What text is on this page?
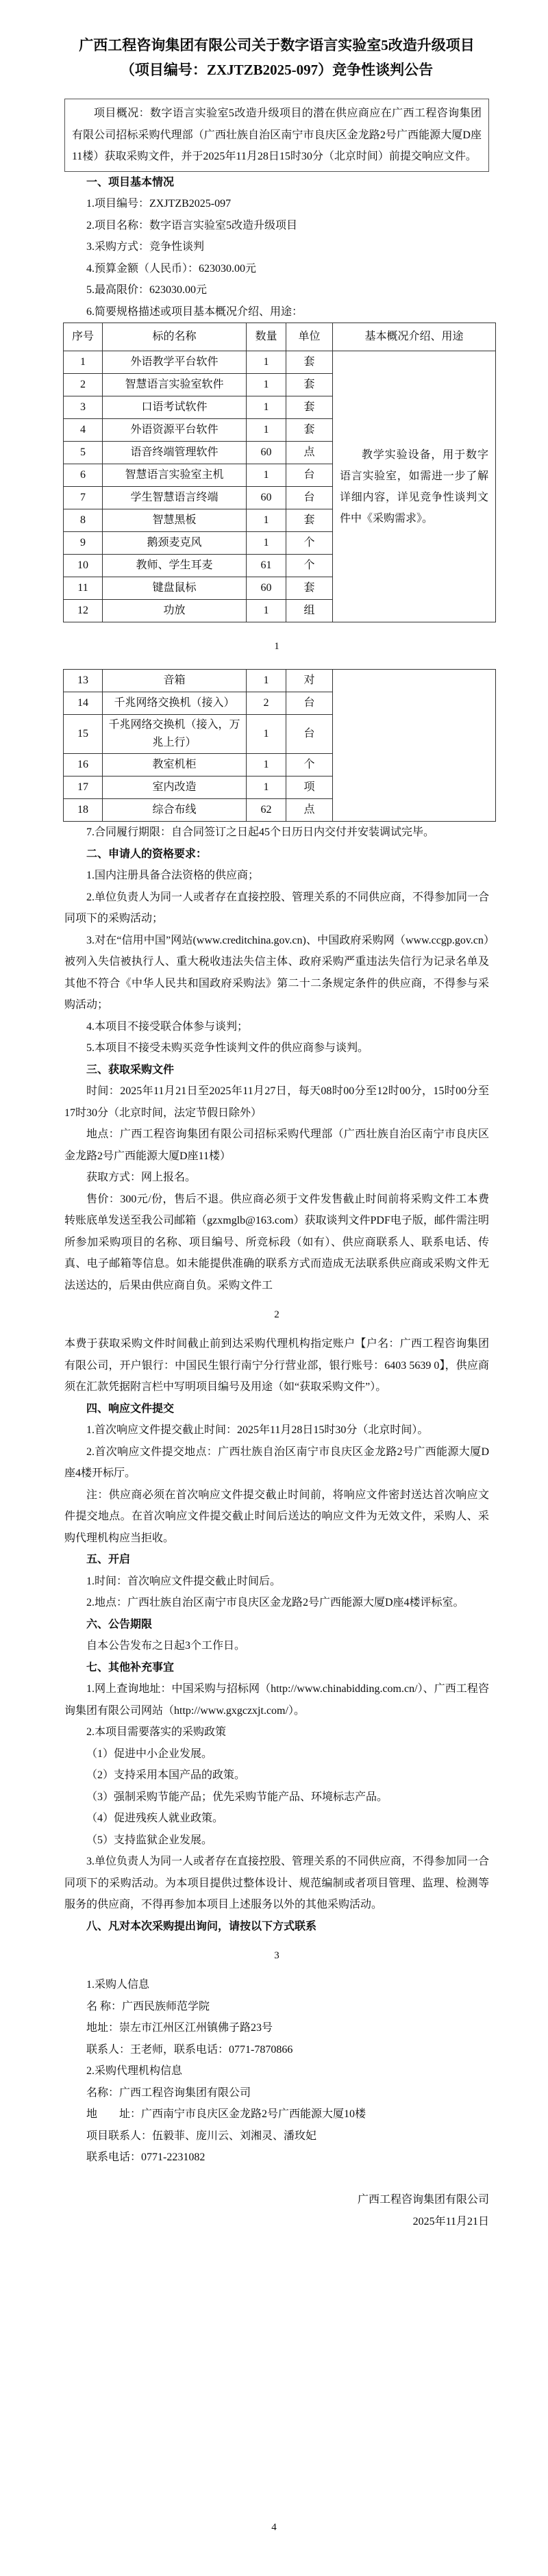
广西工程咨询集团有限公司关于数字语言实验室5改造升级项目
（项目编号：ZXJTZB2025-097）竞争性谈判公告

项目概况：数字语言实验室5改造升级项目的潜在供应商应在广西工程咨询集团有限公司招标采购代理部（广西壮族自治区南宁市良庆区金龙路2号广西能源大厦D座11楼）获取采购文件，并于2025年11月28日15时30分（北京时间）前提交响应文件。

一、项目基本情况

1.项目编号：ZXJTZB2025-097

2.项目名称：数字语言实验室5改造升级项目

3.采购方式：竞争性谈判

4.预算金额（人民币）：623030.00元

5.最高限价：623030.00元

6.简要规格描述或项目基本概况介绍、用途：

序号	标的名称	数量	单位	基本概况介绍、用途
1	外语教学平台软件	1	套	教学实验设备，用于数字语言实验室，如需进一步了解详细内容，详见竞争性谈判文件中《采购需求》。
2	智慧语言实验室软件	1	套	
3	口语考试软件	1	套	
4	外语资源平台软件	1	套	
5	语音终端管理软件	60	点	
6	智慧语言实验室主机	1	台	
7	学生智慧语言终端	60	台	
8	智慧黑板	1	套	
9	鹅颈麦克风	1	个	
10	教师、学生耳麦	61	个	
11	键盘鼠标	60	套	
12	功放	1	组	
1
13	音箱	1	对	
14	千兆网络交换机（接入）	2	台	
15	千兆网络交换机（接入，万兆上行）	1	台	
16	教室机柜	1	个	
17	室内改造	1	项	
18	综合布线	62	点	

7.合同履行期限：自合同签订之日起45个日历日内交付并安装调试完毕。

二、申请人的资格要求：

1.国内注册具备合法资格的供应商；

2.单位负责人为同一人或者存在直接控股、管理关系的不同供应商，不得参加同一合同项下的采购活动；

3.对在“信用中国”网站(www.creditchina.gov.cn)、中国政府采购网（www.ccgp.gov.cn）被列入失信被执行人、重大税收违法失信主体、政府采购严重违法失信行为记录名单及其他不符合《中华人民共和国政府采购法》第二十二条规定条件的供应商，不得参与采购活动；

4.本项目不接受联合体参与谈判；

5.本项目不接受未购买竞争性谈判文件的供应商参与谈判。

三、获取采购文件

时间：2025年11月21日至2025年11月27日，每天08时00分至12时00分，15时00分至17时30分（北京时间，法定节假日除外）

地点：广西工程咨询集团有限公司招标采购代理部（广西壮族自治区南宁市良庆区金龙路2号广西能源大厦D座11楼）

获取方式：网上报名。

售价：300元/份，售后不退。供应商必须于文件发售截止时间前将采购文件工本费转账底单发送至我公司邮箱（gzxmglb@163.com）获取谈判文件PDF电子版，邮件需注明所参加采购项目的名称、项目编号、所竞标段（如有）、供应商联系人、联系电话、传真、电子邮箱等信息。如未能提供准确的联系方式而造成无法联系供应商或采购文件无法送达的，后果由供应商自负。采购文件工

2

本费于获取采购文件时间截止前到达采购代理机构指定账户【户名：广西工程咨询集团有限公司，开户银行：中国民生银行南宁分行营业部，银行账号：6403 5639 0】，供应商须在汇款凭据附言栏中写明项目编号及用途（如“获取采购文件”）。

四、响应文件提交

1.首次响应文件提交截止时间：2025年11月28日15时30分（北京时间）。

2.首次响应文件提交地点：广西壮族自治区南宁市良庆区金龙路2号广西能源大厦D座4楼开标厅。

注：供应商必须在首次响应文件提交截止时间前，将响应文件密封送达首次响应文件提交地点。在首次响应文件提交截止时间后送达的响应文件为无效文件，采购人、采购代理机构应当拒收。

五、开启

1.时间：首次响应文件提交截止时间后。

2.地点：广西壮族自治区南宁市良庆区金龙路2号广西能源大厦D座4楼评标室。

六、公告期限

自本公告发布之日起3个工作日。

七、其他补充事宜

1.网上查询地址：中国采购与招标网（http://www.chinabidding.com.cn/）、广西工程咨询集团有限公司网站（http://www.gxgczxjt.com/）。

2.本项目需要落实的采购政策

（1）促进中小企业发展。

（2）支持采用本国产品的政策。

（3）强制采购节能产品；优先采购节能产品、环境标志产品。

（4）促进残疾人就业政策。

（5）支持监狱企业发展。

3.单位负责人为同一人或者存在直接控股、管理关系的不同供应商，不得参加同一合同项下的采购活动。为本项目提供过整体设计、规范编制或者项目管理、监理、检测等服务的供应商，不得再参加本项目上述服务以外的其他采购活动。

八、凡对本次采购提出询问，请按以下方式联系

3

1.采购人信息

名 称：广西民族师范学院

地址：崇左市江州区江州镇佛子路23号

联系人：王老师，联系电话：0771-7870866

2.采购代理机构信息

名称：广西工程咨询集团有限公司

地　　址：广西南宁市良庆区金龙路2号广西能源大厦10楼

项目联系人：伍毅菲、庞川云、刘湘灵、潘玫妃

联系电话：0771-2231082

广西工程咨询集团有限公司
2025年11月21日
4
